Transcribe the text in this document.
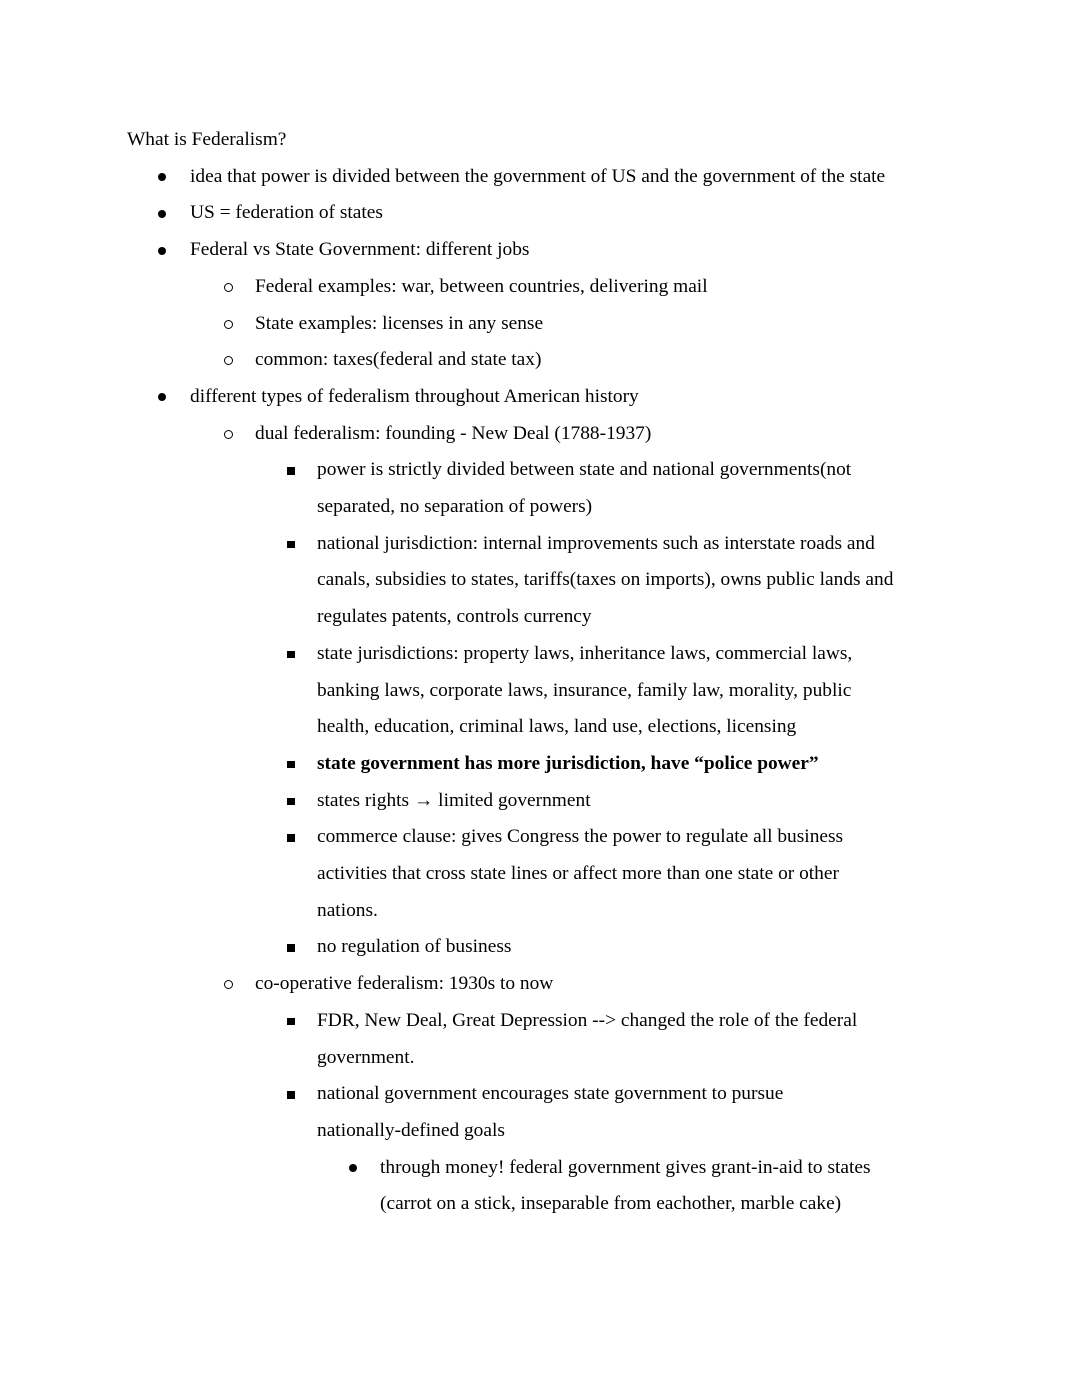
What is Federalism?
idea that power is divided between the government of US and the government of the state
US = federation of states
Federal vs State Government: different jobs
Federal examples: war, between countries, delivering mail
State examples: licenses in any sense
common: taxes(federal and state tax)
different types of federalism throughout American history
dual federalism: founding - New Deal (1788-1937)
power is strictly divided between state and national governments(not
separated, no separation of powers)
national jurisdiction: internal improvements such as interstate roads and
canals, subsidies to states, tariffs(taxes on imports), owns public lands and
regulates patents, controls currency
state jurisdictions: property laws, inheritance laws, commercial laws,
banking laws, corporate laws, insurance, family law, morality, public
health, education, criminal laws, land use, elections, licensing
state government has more jurisdiction, have “police power”
states rights → limited government
commerce clause: gives Congress the power to regulate all business
activities that cross state lines or affect more than one state or other
nations.
no regulation of business
co-operative federalism: 1930s to now
FDR, New Deal, Great Depression --> changed the role of the federal
government.
national government encourages state government to pursue
nationally-defined goals
through money! federal government gives grant-in-aid to states
(carrot on a stick, inseparable from eachother, marble cake)
